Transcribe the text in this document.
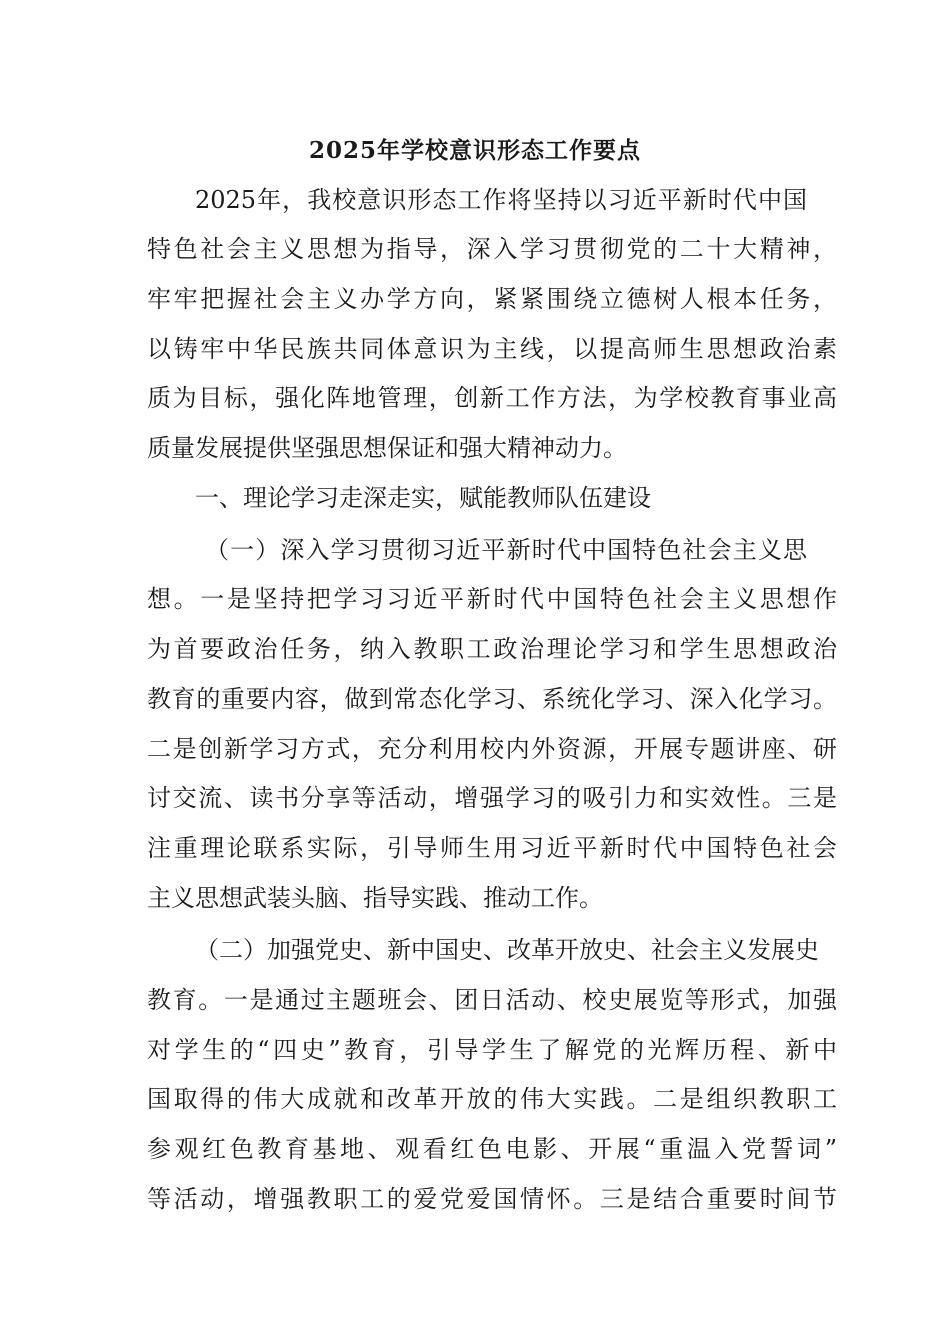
2025年学校意识形态工作要点
2025年，我校意识形态工作将坚持以习近平新时代中国
特色社会主义思想为指导，深入学习贯彻党的二十大精神，
牢牢把握社会主义办学方向，紧紧围绕立德树人根本任务，
以铸牢中华民族共同体意识为主线，以提高师生思想政治素
质为目标，强化阵地管理，创新工作方法，为学校教育事业高
质量发展提供坚强思想保证和强大精神动力。
一、理论学习走深走实，赋能教师队伍建设
（一）深入学习贯彻习近平新时代中国特色社会主义思
想。一是坚持把学习习近平新时代中国特色社会主义思想作
为首要政治任务，纳入教职工政治理论学习和学生思想政治
教育的重要内容，做到常态化学习、系统化学习、深入化学习。
二是创新学习方式，充分利用校内外资源，开展专题讲座、研
讨交流、读书分享等活动，增强学习的吸引力和实效性。三是
注重理论联系实际，引导师生用习近平新时代中国特色社会
主义思想武装头脑、指导实践、推动工作。
（二）加强党史、新中国史、改革开放史、社会主义发展史
教育。一是通过主题班会、团日活动、校史展览等形式，加强
对学生的“四史”教育，引导学生了解党的光辉历程、新中
国取得的伟大成就和改革开放的伟大实践。二是组织教职工
参观红色教育基地、观看红色电影、开展“重温入党誓词”
等活动，增强教职工的爱党爱国情怀。三是结合重要时间节
